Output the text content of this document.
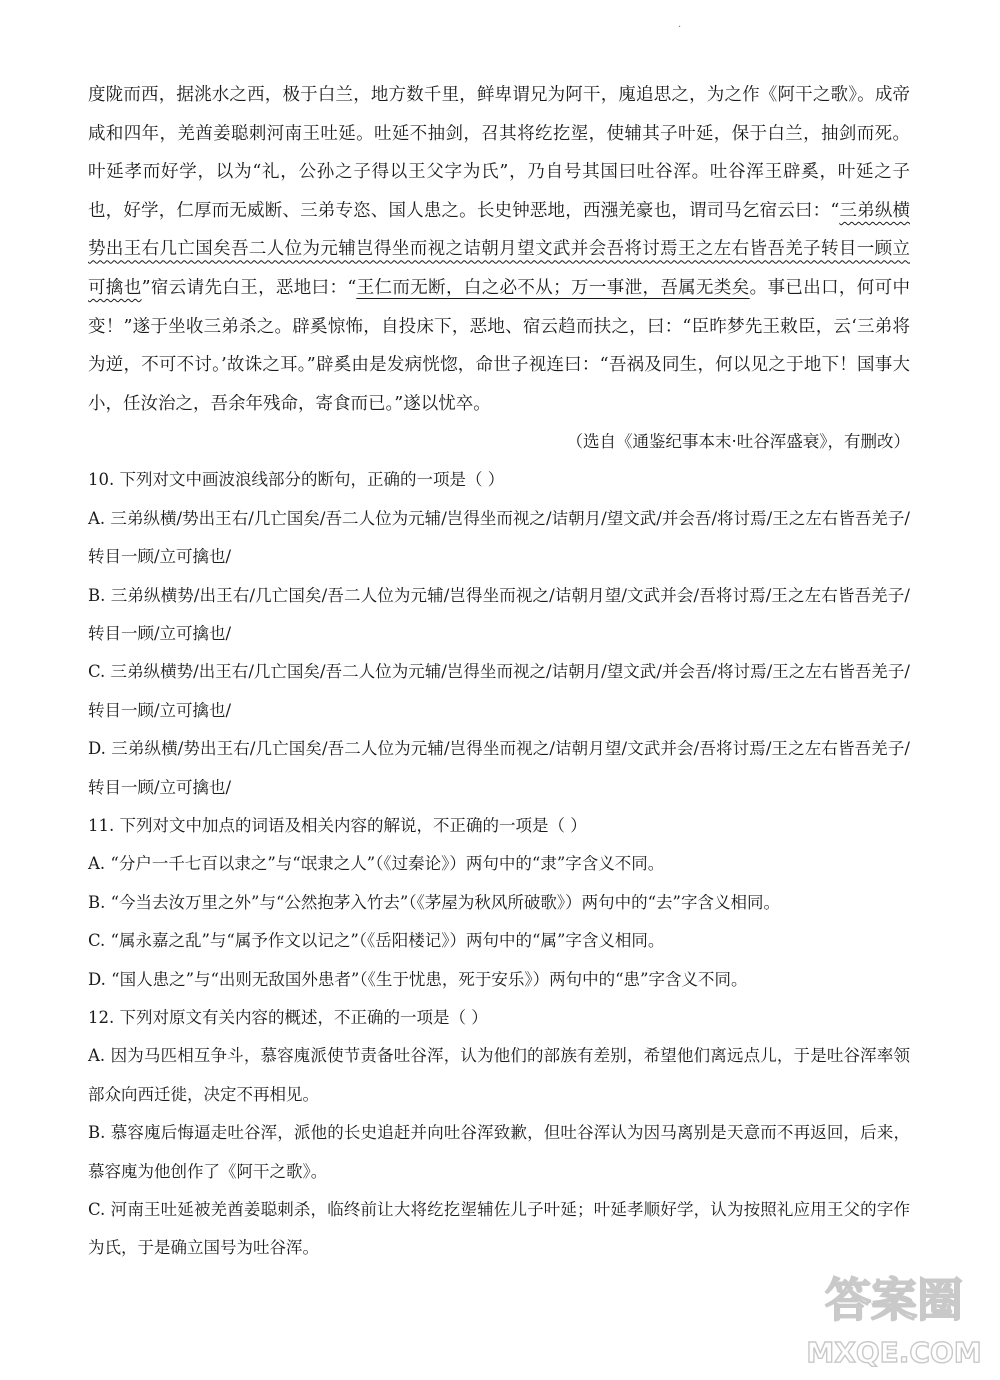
·

度陇而西，据洮水之西，极于白兰，地方数千里，鲜卑谓兄为阿干，廆追思之，为之作《阿干之歌》。成帝咸和四年，羌酋姜聪刺河南王吐延。吐延不抽剑，召其将纥扢埿，使辅其子叶延，保于白兰，抽剑而死。叶延孝而好学，以为“礼，公孙之子得以王父字为氏”，乃自号其国曰吐谷浑。吐谷浑王辟奚，叶延之子也，好学，仁厚而无威断、三弟专恣、国人患之。长史钟恶地，西漒羌豪也，谓司马乞宿云曰：“三弟纵横势出王右几亡国矣吾二人位为元辅岂得坐而视之诘朝月望文武并会吾将讨焉王之左右皆吾羌子转目一顾立可擒也”宿云请先白王，恶地曰：“王仁而无断，白之必不从；万一事泄，吾属无类矣。事已出口，何可中变！”遂于坐收三弟杀之。辟奚惊怖，自投床下，恶地、宿云趋而扶之，曰：“臣昨梦先王敕臣，云‘三弟将为逆，不可不讨。’故诛之耳。”辟奚由是发病恍惚，命世子视连曰：“吾祸及同生，何以见之于地下！国事大小，任汝治之，吾余年残命，寄食而已。”遂以忧卒。

（选自《通鉴纪事本末·吐谷浑盛衰》，有删改）

10. 下列对文中画波浪线部分的断句，正确的一项是（ ）

A. 三弟纵横/势出王右/几亡国矣/吾二人位为元辅/岂得坐而视之/诘朝月/望文武/并会吾/将讨焉/王之左右皆吾羌子/转目一顾/立可擒也/

B. 三弟纵横势/出王右/几亡国矣/吾二人位为元辅/岂得坐而视之/诘朝月望/文武并会/吾将讨焉/王之左右皆吾羌子/转目一顾/立可擒也/

C. 三弟纵横势/出王右/几亡国矣/吾二人位为元辅/岂得坐而视之/诘朝月/望文武/并会吾/将讨焉/王之左右皆吾羌子/转目一顾/立可擒也/

D. 三弟纵横/势出王右/几亡国矣/吾二人位为元辅/岂得坐而视之/诘朝月望/文武并会/吾将讨焉/王之左右皆吾羌子/转目一顾/立可擒也/

11. 下列对文中加点的词语及相关内容的解说，不正确的一项是（ ）

A. “分户一千七百以隶之”与“氓隶之人”（《过秦论》）两句中的“隶”字含义不同。

B. “今当去汝万里之外”与“公然抱茅入竹去”（《茅屋为秋风所破歌》）两句中的“去”字含义相同。

C. “属永嘉之乱”与“属予作文以记之”（《岳阳楼记》）两句中的“属”字含义相同。

D. “国人患之”与“出则无敌国外患者”（《生于忧患，死于安乐》）两句中的“患”字含义不同。

12. 下列对原文有关内容的概述，不正确的一项是（ ）

A. 因为马匹相互争斗，慕容廆派使节责备吐谷浑，认为他们的部族有差别，希望他们离远点儿，于是吐谷浑率领部众向西迁徙，决定不再相见。

B. 慕容廆后悔逼走吐谷浑，派他的长史追赶并向吐谷浑致歉，但吐谷浑认为因马离别是天意而不再返回，后来，慕容廆为他创作了《阿干之歌》。

C. 河南王吐延被羌酋姜聪刺杀，临终前让大将纥扢埿辅佐儿子叶延；叶延孝顺好学，认为按照礼应用王父的字作为氏，于是确立国号为吐谷浑。

答案圈
MXQE.COM
